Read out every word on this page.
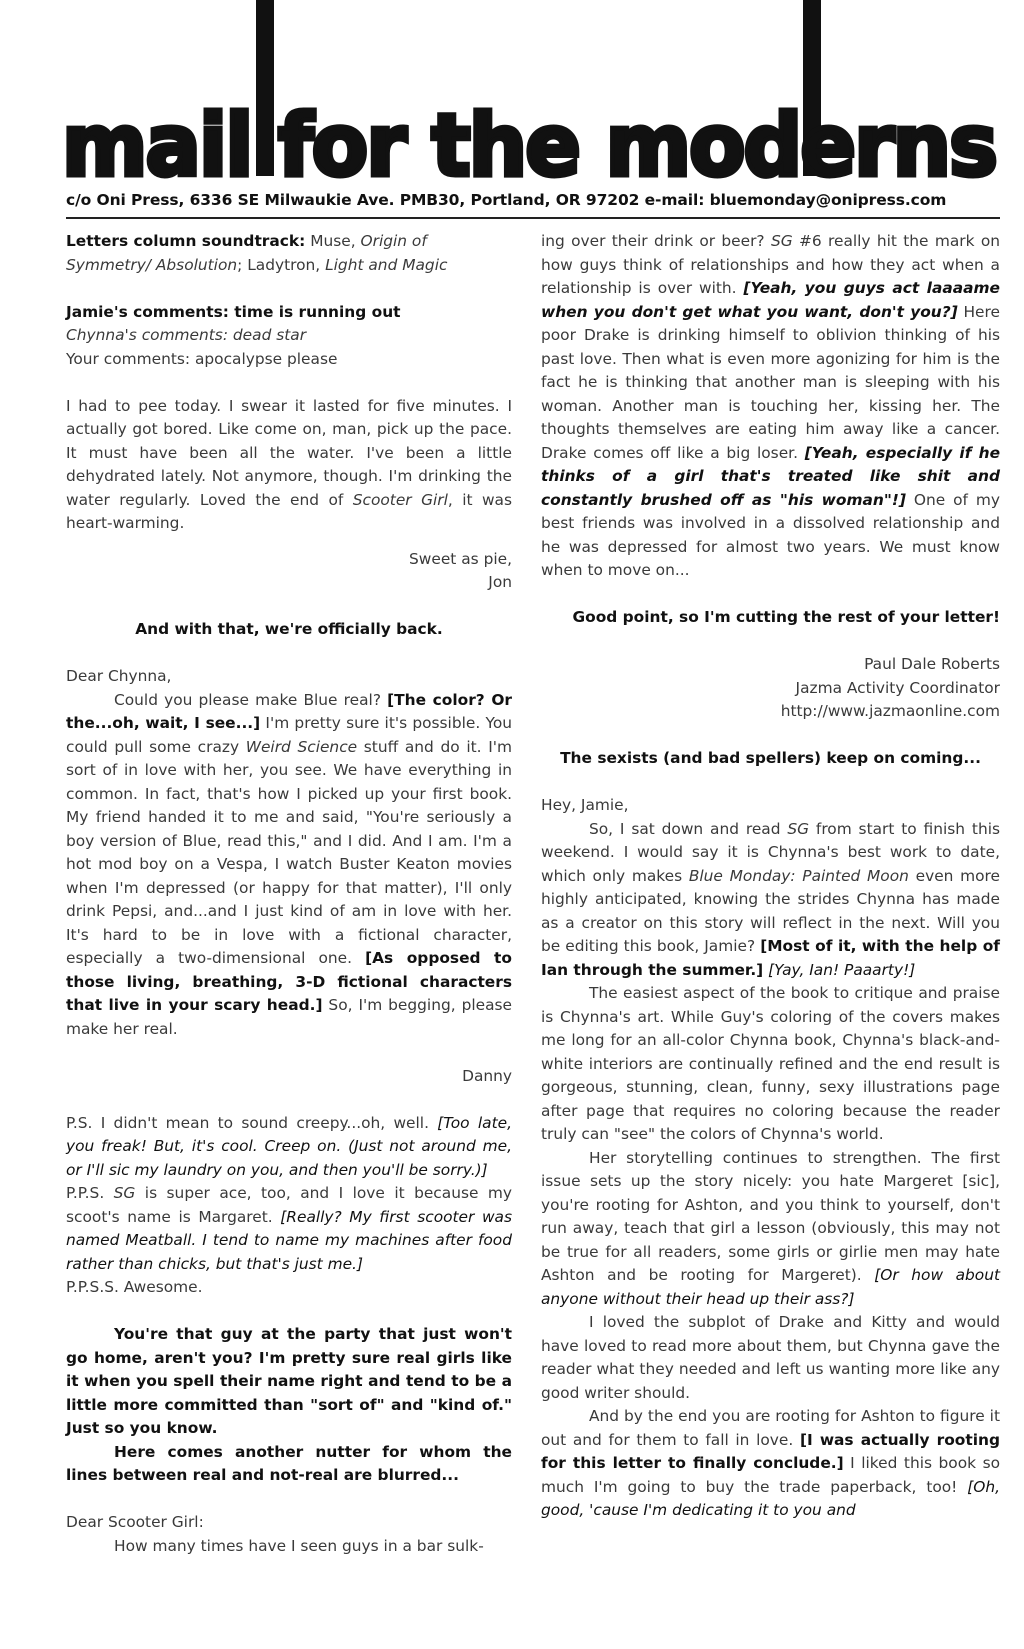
mail for the moderns
c/o Oni Press, 6336 SE Milwaukie Ave. PMB30, Portland, OR 97202 e-mail: bluemonday@onipress.com

Letters column soundtrack: Muse, Origin of Symmetry/ Absolution; Ladytron, Light and Magic

Jamie's comments: time is running out

Chynna's comments: dead star

Your comments: apocalypse please

I had to pee today. I swear it lasted for five minutes. I actually got bored. Like come on, man, pick up the pace. It must have been all the water. I've been a little dehydrated lately. Not anymore, though. I'm drinking the water regularly. Loved the end of Scooter Girl, it was heart-warming.

Sweet as pie,

Jon

And with that, we're officially back.

Dear Chynna,

Could you please make Blue real? [The color? Or the...oh, wait, I see...] I'm pretty sure it's possible. You could pull some crazy Weird Science stuff and do it. I'm sort of in love with her, you see. We have everything in common. In fact, that's how I picked up your first book. My friend handed it to me and said, "You're seriously a boy version of Blue, read this," and I did. And I am. I'm a hot mod boy on a Vespa, I watch Buster Keaton movies when I'm depressed (or happy for that matter), I'll only drink Pepsi, and...and I just kind of am in love with her. It's hard to be in love with a fictional character, especially a two-dimensional one. [As opposed to those living, breathing, 3-D fictional characters that live in your scary head.] So, I'm begging, please make her real.

Danny

P.S. I didn't mean to sound creepy...oh, well. [Too late, you freak! But, it's cool. Creep on. (Just not around me, or I'll sic my laundry on you, and then you'll be sorry.)]

P.P.S. SG is super ace, too, and I love it because my scoot's name is Margaret. [Really? My first scooter was named Meatball. I tend to name my machines after food rather than chicks, but that's just me.]

P.P.S.S. Awesome.

You're that guy at the party that just won't go home, aren't you? I'm pretty sure real girls like it when you spell their name right and tend to be a little more committed than "sort of" and "kind of." Just so you know.

Here comes another nutter for whom the lines between real and not-real are blurred...

Dear Scooter Girl:

How many times have I seen guys in a bar sulk-

ing over their drink or beer? SG #6 really hit the mark on how guys think of relationships and how they act when a relationship is over with. [Yeah, you guys act laaaame when you don't get what you want, don't you?] Here poor Drake is drinking himself to oblivion thinking of his past love. Then what is even more agonizing for him is the fact he is thinking that another man is sleeping with his woman. Another man is touching her, kissing her. The thoughts themselves are eating him away like a cancer. Drake comes off like a big loser. [Yeah, especially if he thinks of a girl that's treated like shit and constantly brushed off as "his woman"!] One of my best friends was involved in a dissolved relationship and he was depressed for almost two years. We must know when to move on...

Good point, so I'm cutting the rest of your letter!

Paul Dale Roberts

Jazma Activity Coordinator

http://www.jazmaonline.com

The sexists (and bad spellers) keep on coming...

Hey, Jamie,

So, I sat down and read SG from start to finish this weekend. I would say it is Chynna's best work to date, which only makes Blue Monday: Painted Moon even more highly anticipated, knowing the strides Chynna has made as a creator on this story will reflect in the next. Will you be editing this book, Jamie? [Most of it, with the help of Ian through the summer.] [Yay, Ian! Paaarty!]

The easiest aspect of the book to critique and praise is Chynna's art. While Guy's coloring of the covers makes me long for an all-color Chynna book, Chynna's black-and-white interiors are continually refined and the end result is gorgeous, stunning, clean, funny, sexy illustrations page after page that requires no coloring because the reader truly can "see" the colors of Chynna's world.

Her storytelling continues to strengthen. The first issue sets up the story nicely: you hate Margeret [sic], you're rooting for Ashton, and you think to yourself, don't run away, teach that girl a lesson (obviously, this may not be true for all readers, some girls or girlie men may hate Ashton and be rooting for Margeret). [Or how about anyone without their head up their ass?]

I loved the subplot of Drake and Kitty and would have loved to read more about them, but Chynna gave the reader what they needed and left us wanting more like any good writer should.

And by the end you are rooting for Ashton to figure it out and for them to fall in love. [I was actually rooting for this letter to finally conclude.] I liked this book so much I'm going to buy the trade paperback, too! [Oh, good, 'cause I'm dedicating it to you and
